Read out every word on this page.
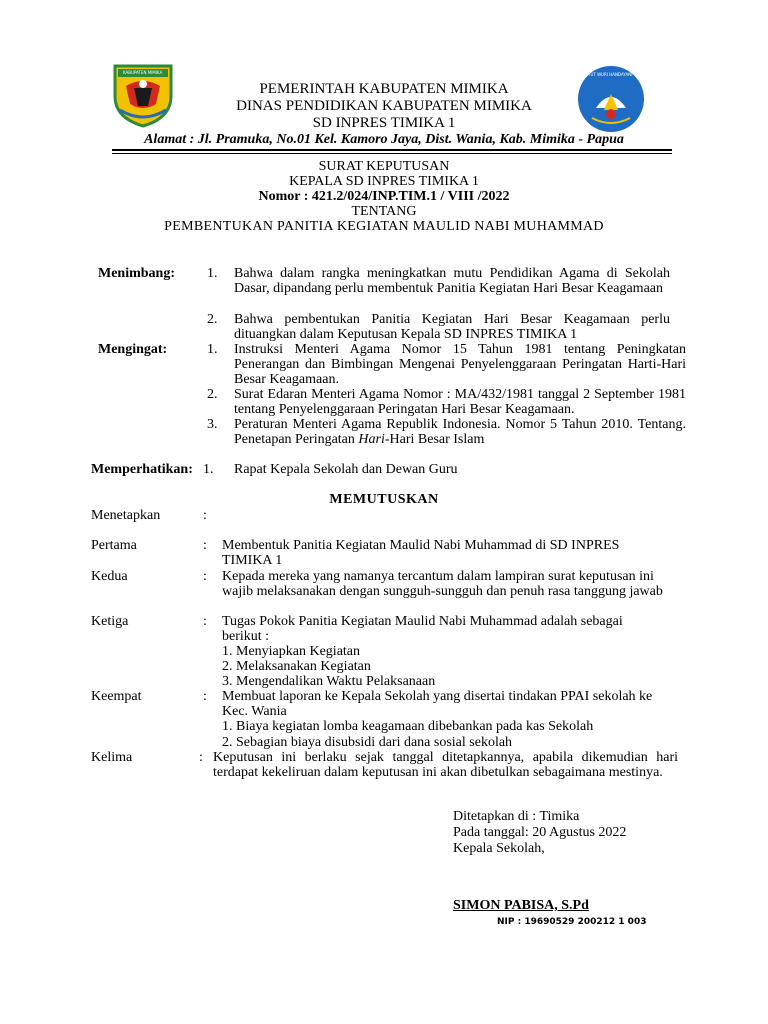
KABUPATEN MIMIKA
PEMERINTAH KABUPATEN MIMIKA
DINAS PENDIDIKAN KABUPATEN MIMIKA
SD INPRES TIMIKA 1
TUT WURI HANDAYANI
Alamat : Jl. Pramuka, No.01 Kel. Kamoro Jaya, Dist. Wania, Kab. Mimika - Papua
SURAT KEPUTUSAN
KEPALA SD INPRES TIMIKA 1
Nomor : 421.2/024/INP.TIM.1 / VIII /2022
TENTANG
PEMBENTUKAN PANITIA KEGIATAN MAULID NABI MUHAMMAD
Menimbang: 1. Bahwa dalam rangka meningkatkan mutu Pendidikan Agama di Sekolah Dasar, dipandang perlu membentuk Panitia Kegiatan Hari Besar Keagamaan
2. Bahwa pembentukan Panitia Kegiatan Hari Besar Keagamaan perlu dituangkan dalam Keputusan Kepala SD INPRES TIMIKA 1
Mengingat:	1. Instruksi Menteri Agama Nomor 15 Tahun 1981 tentang Peningkatan Penerangan dan Bimbingan Mengenai Penyelenggaraan Peringatan Harti-Hari Besar Keagamaan.
2. Surat Edaran Menteri Agama Nomor : MA/432/1981 tanggal 2 September 1981 tentang Penyelenggaraan Peringatan Hari Besar Keagamaan.
3. Peraturan Menteri Agama Republik Indonesia. Nomor 5 Tahun 2010. Tentang. Penetapan Peringatan Hari-Hari Besar Islam
Memperhatikan: 1. Rapat Kepala Sekolah dan Dewan Guru
MEMUTUSKAN
Menetapkan	:
Pertama	: Membentuk Panitia Kegiatan Maulid Nabi Muhammad di SD INPRES TIMIKA 1
Kedua	: Kepada mereka yang namanya tercantum dalam lampiran surat keputusan ini wajib melaksanakan dengan sungguh-sungguh dan penuh rasa tanggung jawab
Ketiga	: Tugas Pokok Panitia Kegiatan Maulid Nabi Muhammad adalah sebagai berikut :
1. Menyiapkan Kegiatan
2. Melaksanakan Kegiatan
3. Mengendalikan Waktu Pelaksanaan
Keempat	: Membuat laporan ke Kepala Sekolah yang disertai tindakan PPAI sekolah ke Kec. Wania
1. Biaya kegiatan lomba keagamaan dibebankan pada kas Sekolah
2. Sebagian biaya disubsidi dari dana sosial sekolah
Kelima	: Keputusan ini berlaku sejak tanggal ditetapkannya, apabila dikemudian hari terdapat kekeliruan dalam keputusan ini akan dibetulkan sebagaimana mestinya.
Ditetapkan di : Timika
Pada tanggal: 20 Agustus 2022
Kepala Sekolah,
SIMON PABISA, S.Pd
NIP : 19690529 200212 1 003
